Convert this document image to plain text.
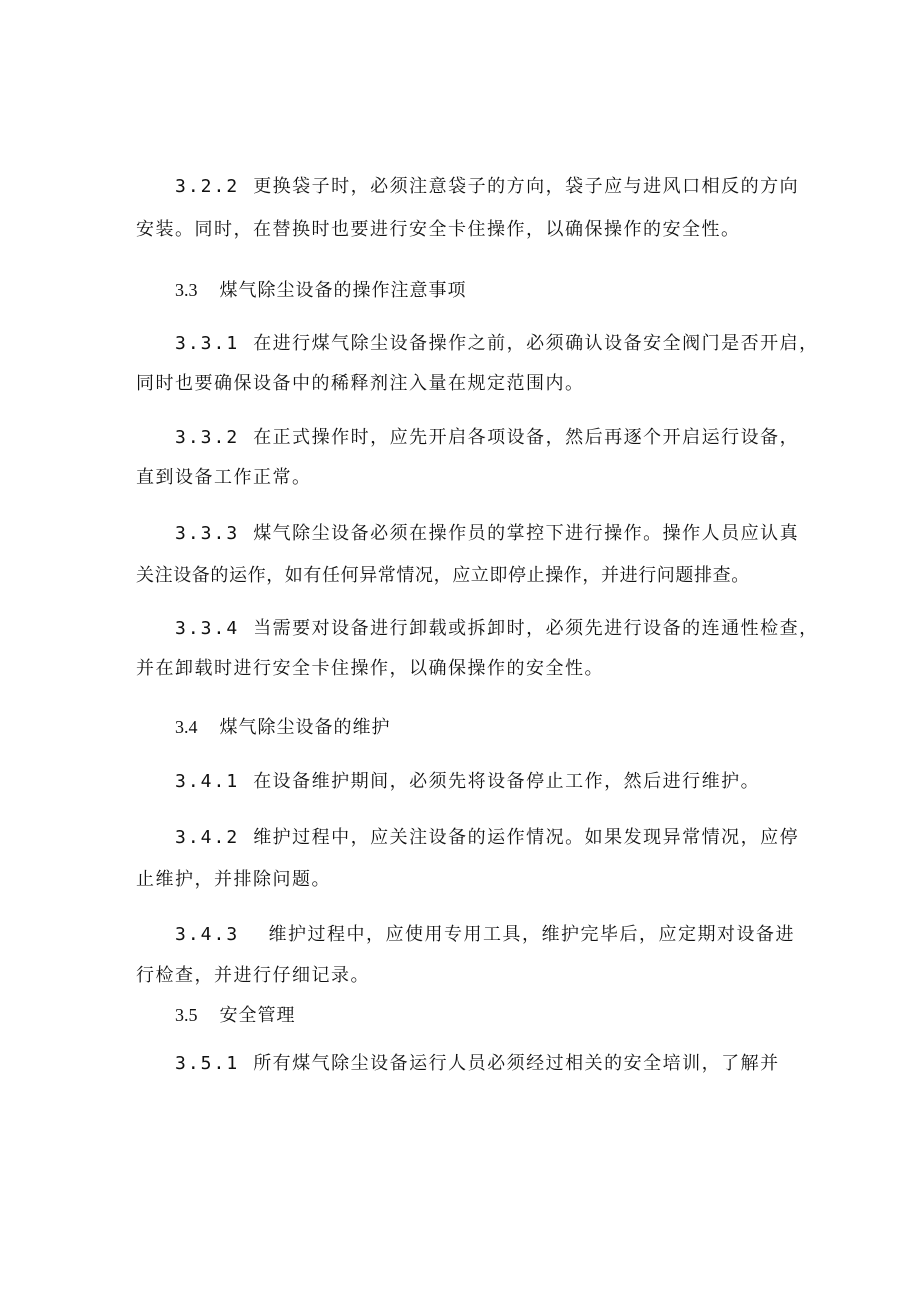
3.2.2 更换袋子时，必须注意袋子的方向，袋子应与进风口相反的方向
安装。同时，在替换时也要进行安全卡住操作，以确保操作的安全性。
3.3 煤气除尘设备的操作注意事项
3.3.1 在进行煤气除尘设备操作之前，必须确认设备安全阀门是否开启，
同时也要确保设备中的稀释剂注入量在规定范围内。
3.3.2 在正式操作时，应先开启各项设备，然后再逐个开启运行设备，
直到设备工作正常。
3.3.3 煤气除尘设备必须在操作员的掌控下进行操作。操作人员应认真
关注设备的运作，如有任何异常情况，应立即停止操作，并进行问题排查。
3.3.4 当需要对设备进行卸载或拆卸时，必须先进行设备的连通性检查，
并在卸载时进行安全卡住操作，以确保操作的安全性。
3.4 煤气除尘设备的维护
3.4.1 在设备维护期间，必须先将设备停止工作，然后进行维护。
3.4.2 维护过程中，应关注设备的运作情况。如果发现异常情况，应停
止维护，并排除问题。
3.4.3 维护过程中，应使用专用工具，维护完毕后，应定期对设备进
行检查，并进行仔细记录。
3.5 安全管理
3.5.1 所有煤气除尘设备运行人员必须经过相关的安全培训，了解并
